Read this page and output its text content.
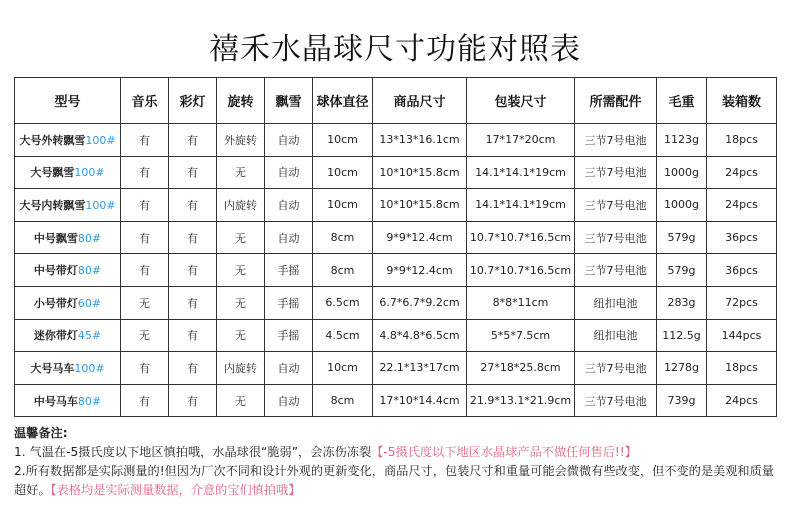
禧禾水晶球尺寸功能对照表
型号	音乐	彩灯	旋转	飘雪	球体直径	商品尺寸	包装尺寸	所需配件	毛重	装箱数
大号外转飘雪100#	有	有	外旋转	自动	10cm	13*13*16.1cm	17*17*20cm	三节7号电池	1123g	18pcs
大号飘雪100#	有	有	无	自动	10cm	10*10*15.8cm	14.1*14.1*19cm	三节7号电池	1000g	24pcs
大号内转飘雪100#	有	有	内旋转	自动	10cm	10*10*15.8cm	14.1*14.1*19cm	三节7号电池	1000g	24pcs
中号飘雪80#	有	有	无	自动	8cm	9*9*12.4cm	10.7*10.7*16.5cm	三节7号电池	579g	36pcs
中号带灯80#	有	有	无	手摇	8cm	9*9*12.4cm	10.7*10.7*16.5cm	三节7号电池	579g	36pcs
小号带灯60#	无	有	无	手摇	6.5cm	6.7*6.7*9.2cm	8*8*11cm	纽扣电池	283g	72pcs
迷你带灯45#	无	有	无	手摇	4.5cm	4.8*4.8*6.5cm	5*5*7.5cm	纽扣电池	112.5g	144pcs
大号马车100#	有	有	内旋转	自动	10cm	22.1*13*17cm	27*18*25.8cm	三节7号电池	1278g	18pcs
中号马车80#	有	有	无	自动	8cm	17*10*14.4cm	21.9*13.1*21.9cm	三节7号电池	739g	24pcs
温馨备注:
1. 气温在-5摄氏度以下地区慎拍哦，水晶球很“脆弱”，会冻伤冻裂【-5摄氏度以下地区水晶球产品不做任何售后!!】
2.所有数据都是实际测量的!但因为厂次不同和设计外观的更新变化，商品尺寸，包装尺寸和重量可能会微微有些改变，但不变的是美观和质量超好。【表格均是实际测量数据，介意的宝们慎拍哦】
